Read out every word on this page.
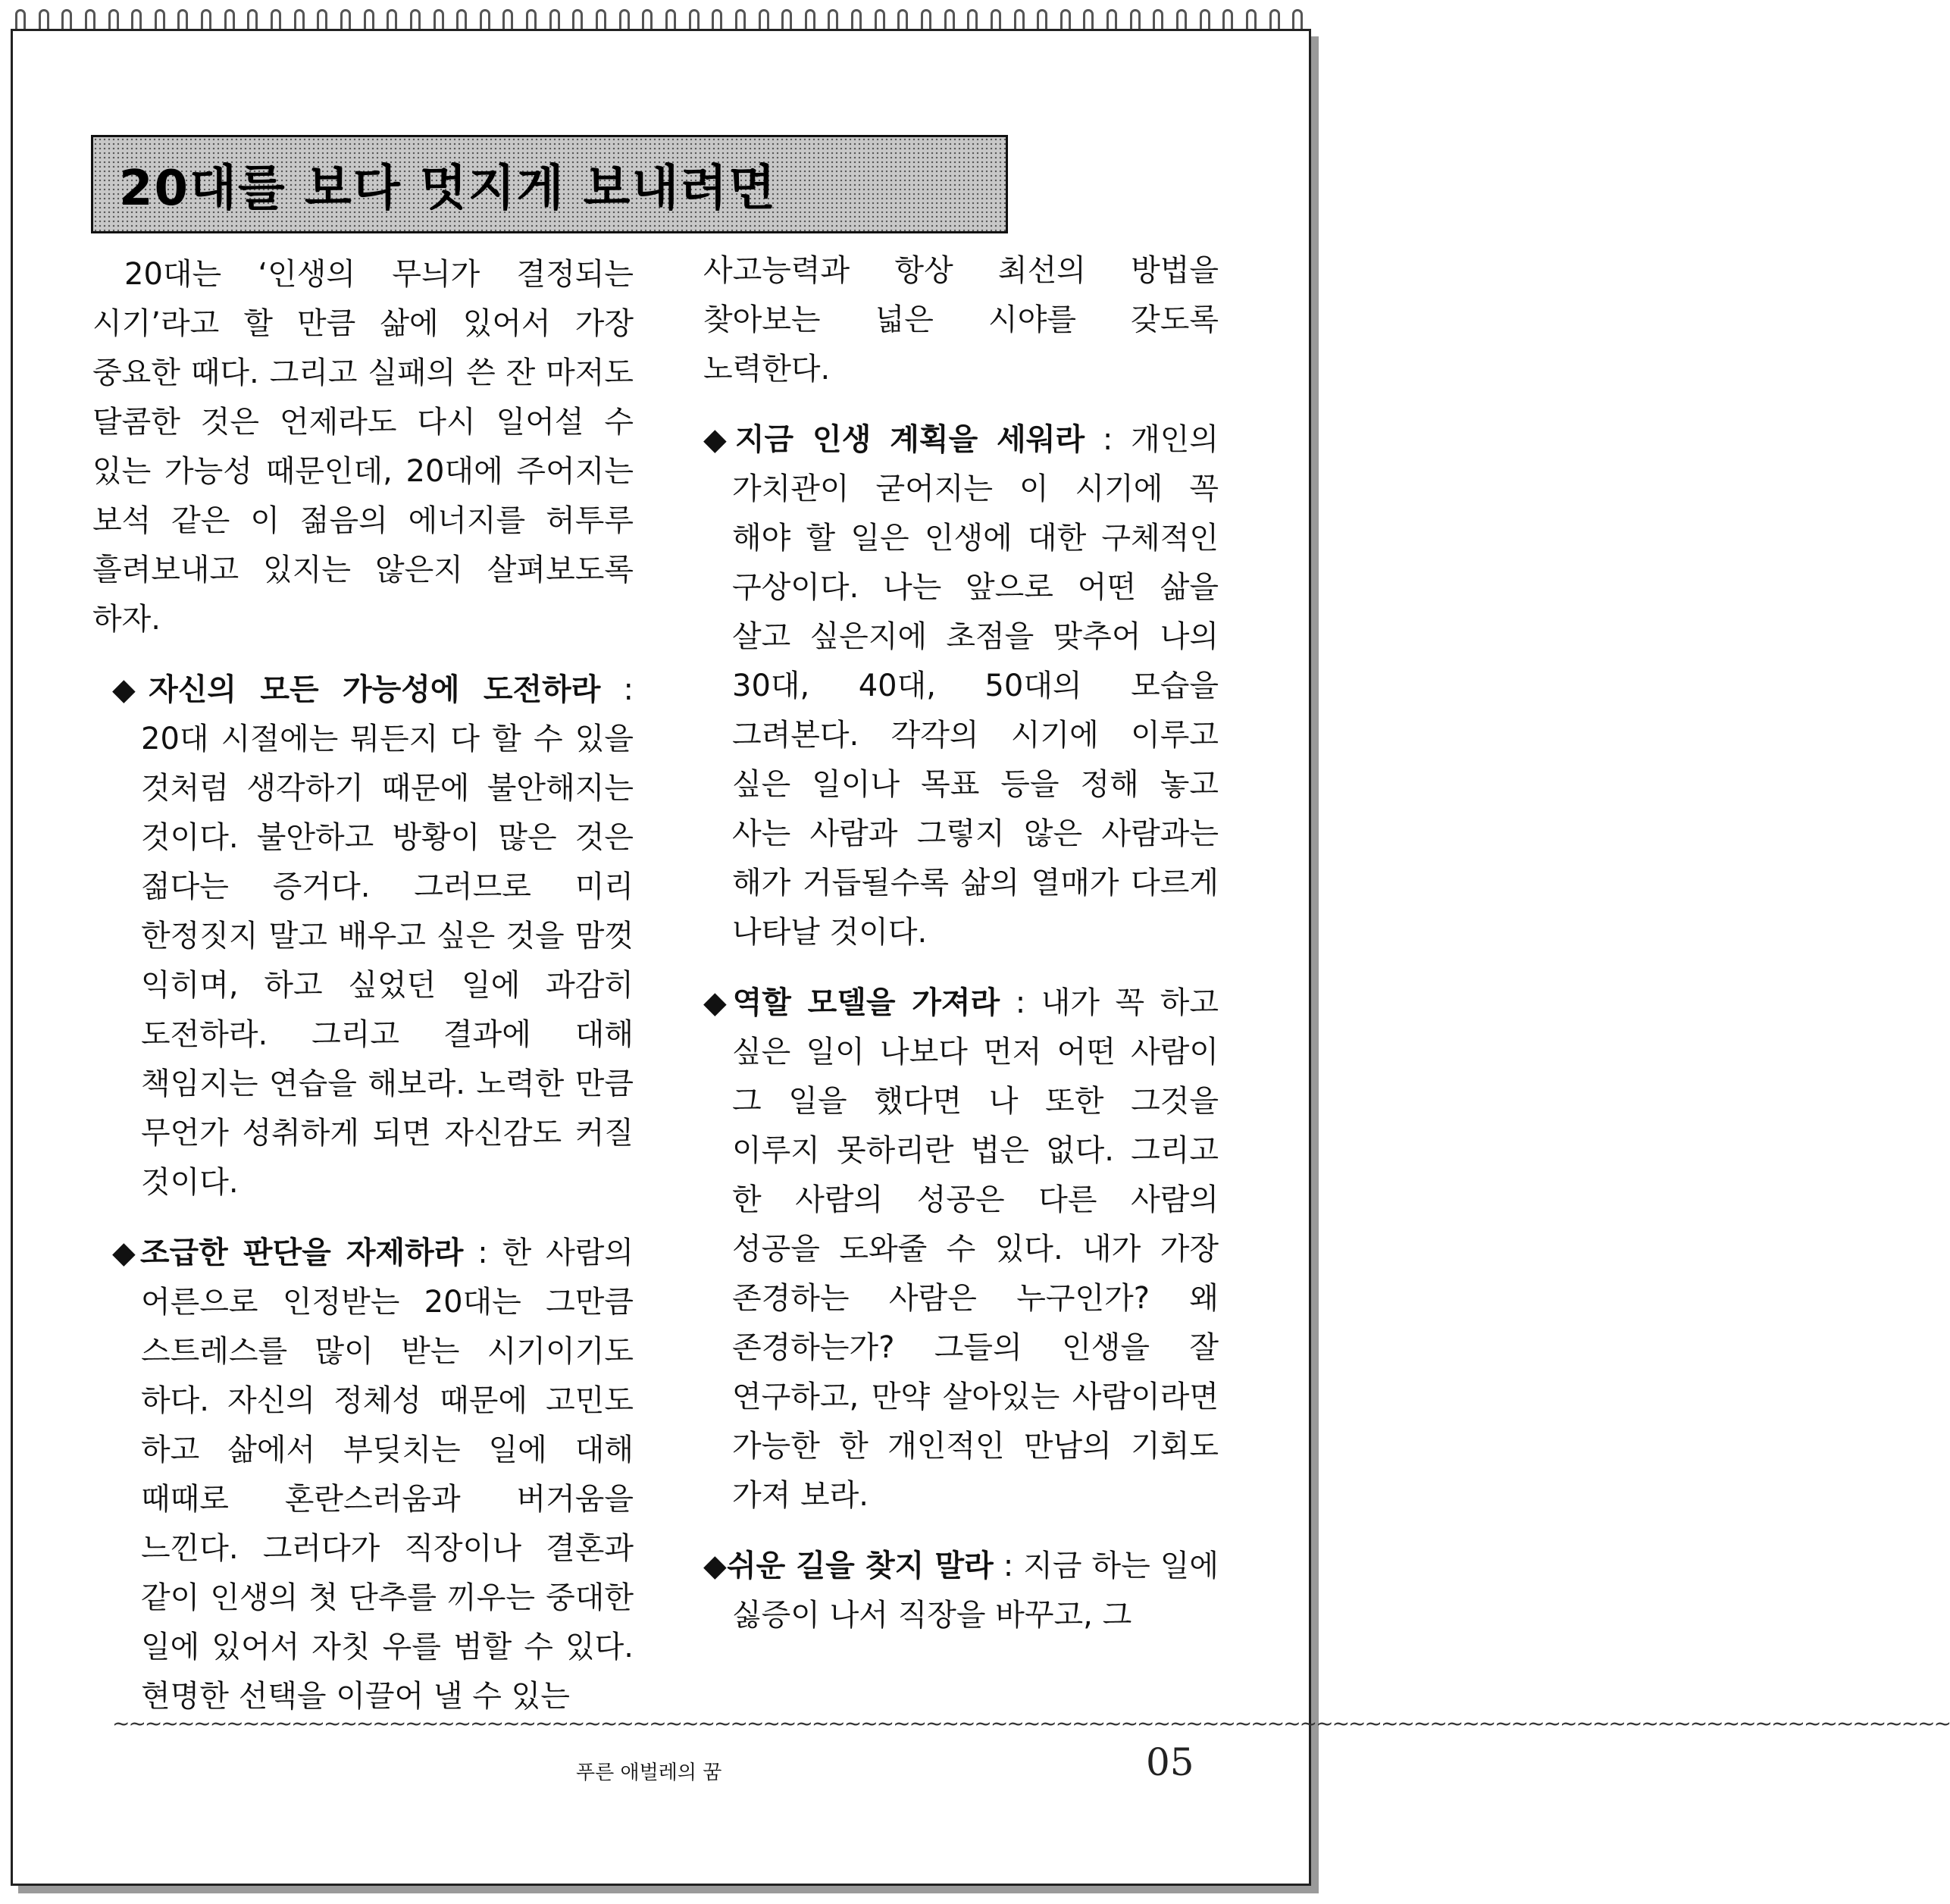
20대를 보다 멋지게 보내려면

20대는 ‘인생의 무늬가 결정되는 시기’라고 할 만큼 삶에 있어서 가장 중요한 때다. 그리고 실패의 쓴 잔 마저도 달콤한 것은 언제라도 다시 일어설 수 있는 가능성 때문인데, 20대에 주어지는 보석 같은 이 젊음의 에너지를 허투루 흘려보내고 있지는 않은지 살펴보도록 하자.

◆자신의 모든 가능성에 도전하라 : 20대 시절에는 뭐든지 다 할 수 있을 것처럼 생각하기 때문에 불안해지는 것이다. 불안하고 방황이 많은 것은 젊다는 증거다. 그러므로 미리 한정짓지 말고 배우고 싶은 것을 맘껏 익히며, 하고 싶었던 일에 과감히 도전하라. 그리고 결과에 대해 책임지는 연습을 해보라. 노력한 만큼 무언가 성취하게 되면 자신감도 커질 것이다.

◆조급한 판단을 자제하라 : 한 사람의 어른으로 인정받는 20대는 그만큼 스트레스를 많이 받는 시기이기도 하다. 자신의 정체성 때문에 고민도 하고 삶에서 부딪치는 일에 대해 때때로 혼란스러움과 버거움을 느낀다. 그러다가 직장이나 결혼과 같이 인생의 첫 단추를 끼우는 중대한 일에 있어서 자칫 우를 범할 수 있다. 현명한 선택을 이끌어 낼 수 있는

사고능력과 항상 최선의 방법을 찾아보는 넓은 시야를 갖도록 노력한다.

◆지금 인생 계획을 세워라 : 개인의 가치관이 굳어지는 이 시기에 꼭 해야 할 일은 인생에 대한 구체적인 구상이다. 나는 앞으로 어떤 삶을 살고 싶은지에 초점을 맞추어 나의 30대, 40대, 50대의 모습을 그려본다. 각각의 시기에 이루고 싶은 일이나 목표 등을 정해 놓고 사는 사람과 그렇지 않은 사람과는 해가 거듭될수록 삶의 열매가 다르게 나타날 것이다.

◆역할 모델을 가져라 : 내가 꼭 하고 싶은 일이 나보다 먼저 어떤 사람이 그 일을 했다면 나 또한 그것을 이루지 못하리란 법은 없다. 그리고 한 사람의 성공은 다른 사람의 성공을 도와줄 수 있다. 내가 가장 존경하는 사람은 누구인가? 왜 존경하는가? 그들의 인생을 잘 연구하고, 만약 살아있는 사람이라면 가능한 한 개인적인 만남의 기회도 가져 보라.

◆쉬운 길을 찾지 말라 : 지금 하는 일에 싫증이 나서 직장을 바꾸고, 그

~~~~~~~~~~~~~~~~~~~~~~~~~~~~~~~~~~~~~~~~~~~~~~~~~~~~~~~~~~~~~~~~~~~~~~~~~~~~~~~~~~~~~~~~~~~~~~~~~~~~~~~~~~~~~~~~~
푸른 애벌레의 꿈	05
